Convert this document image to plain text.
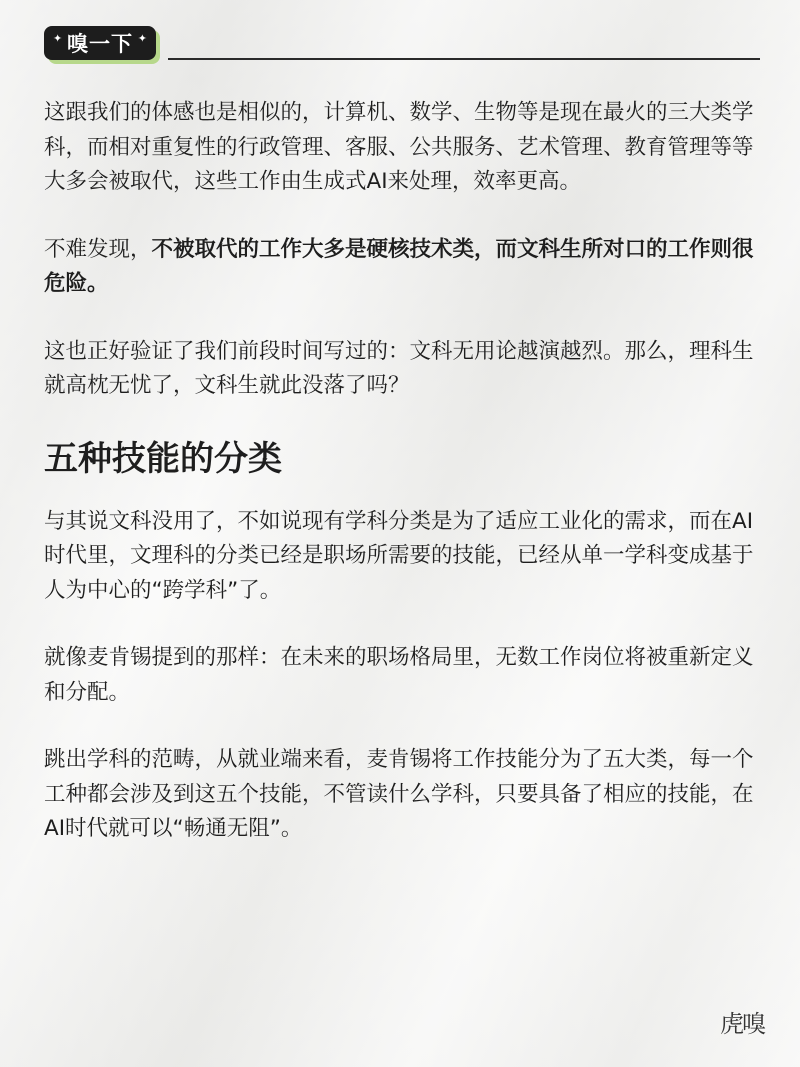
✦ 嗅一下 ✦

这跟我们的体感也是相似的，计算机、数学、生物等是现在最火的三大类学科，而相对重复性的行政管理、客服、公共服务、艺术管理、教育管理等等大多会被取代，这些工作由生成式AI来处理，效率更高。

不难发现，不被取代的工作大多是硬核技术类，而文科生所对口的工作则很危险。

这也正好验证了我们前段时间写过的：文科无用论越演越烈。那么，理科生就高枕无忧了，文科生就此没落了吗？

五种技能的分类

与其说文科没用了，不如说现有学科分类是为了适应工业化的需求，而在AI时代里，文理科的分类已经是职场所需要的技能，已经从单一学科变成基于人为中心的“跨学科”了。

就像麦肯锡提到的那样：在未来的职场格局里，无数工作岗位将被重新定义和分配。

跳出学科的范畴，从就业端来看，麦肯锡将工作技能分为了五大类，每一个工种都会涉及到这五个技能，不管读什么学科，只要具备了相应的技能，在AI时代就可以“畅通无阻”。

虎嗅
